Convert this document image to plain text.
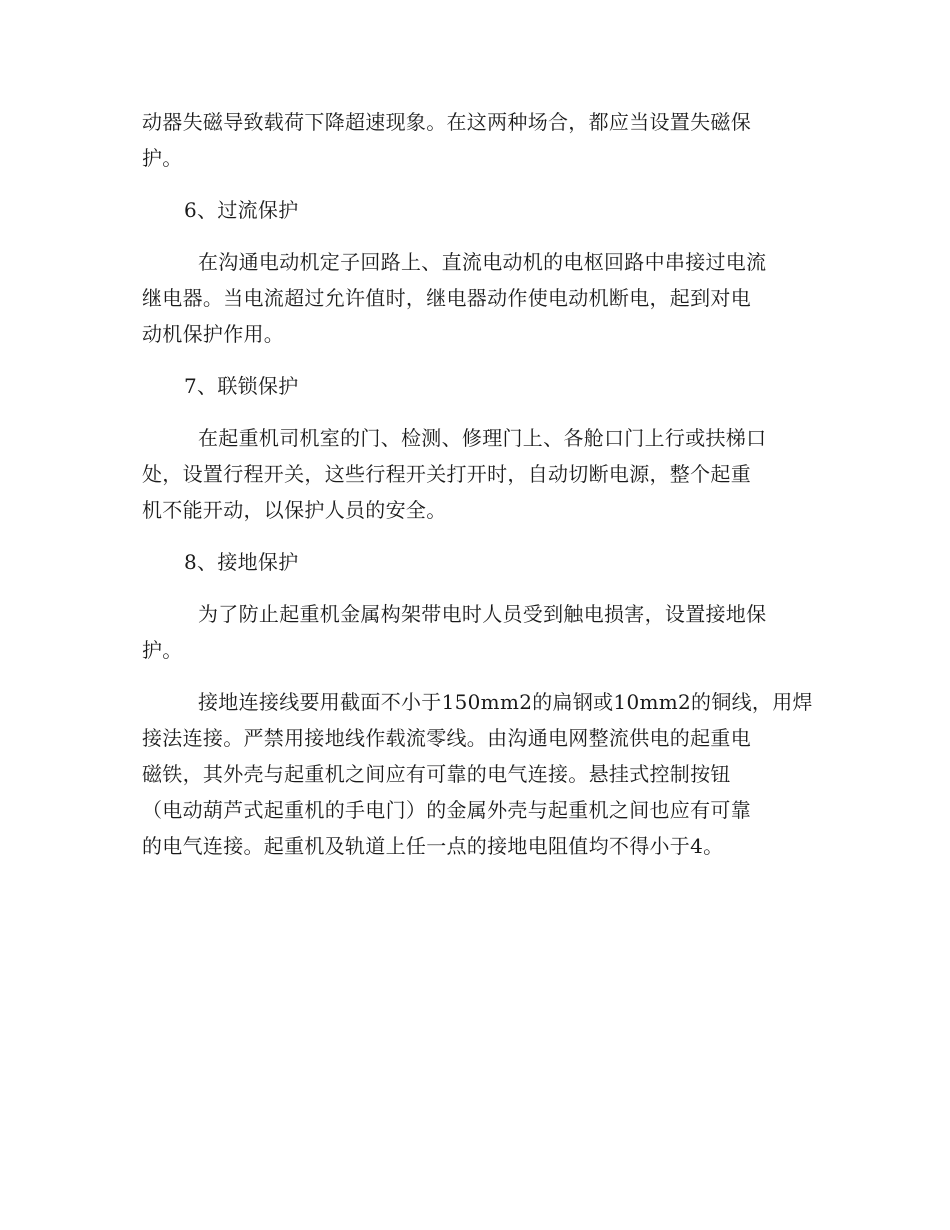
动器失磁导致载荷下降超速现象。在这两种场合，都应当设置失磁保
护。
6、过流保护
在沟通电动机定子回路上、直流电动机的电枢回路中串接过电流
继电器。当电流超过允许值时，继电器动作使电动机断电，起到对电
动机保护作用。
7、联锁保护
在起重机司机室的门、检测、修理门上、各舱口门上行或扶梯口
处，设置行程开关，这些行程开关打开时，自动切断电源，整个起重
机不能开动，以保护人员的安全。
8、接地保护
为了防止起重机金属构架带电时人员受到触电损害，设置接地保
护。
接地连接线要用截面不小于150mm2的扁钢或10mm2的铜线，用焊
接法连接。严禁用接地线作载流零线。由沟通电网整流供电的起重电
磁铁，其外壳与起重机之间应有可靠的电气连接。悬挂式控制按钮
（电动葫芦式起重机的手电门）的金属外壳与起重机之间也应有可靠
的电气连接。起重机及轨道上任一点的接地电阻值均不得小于4。
